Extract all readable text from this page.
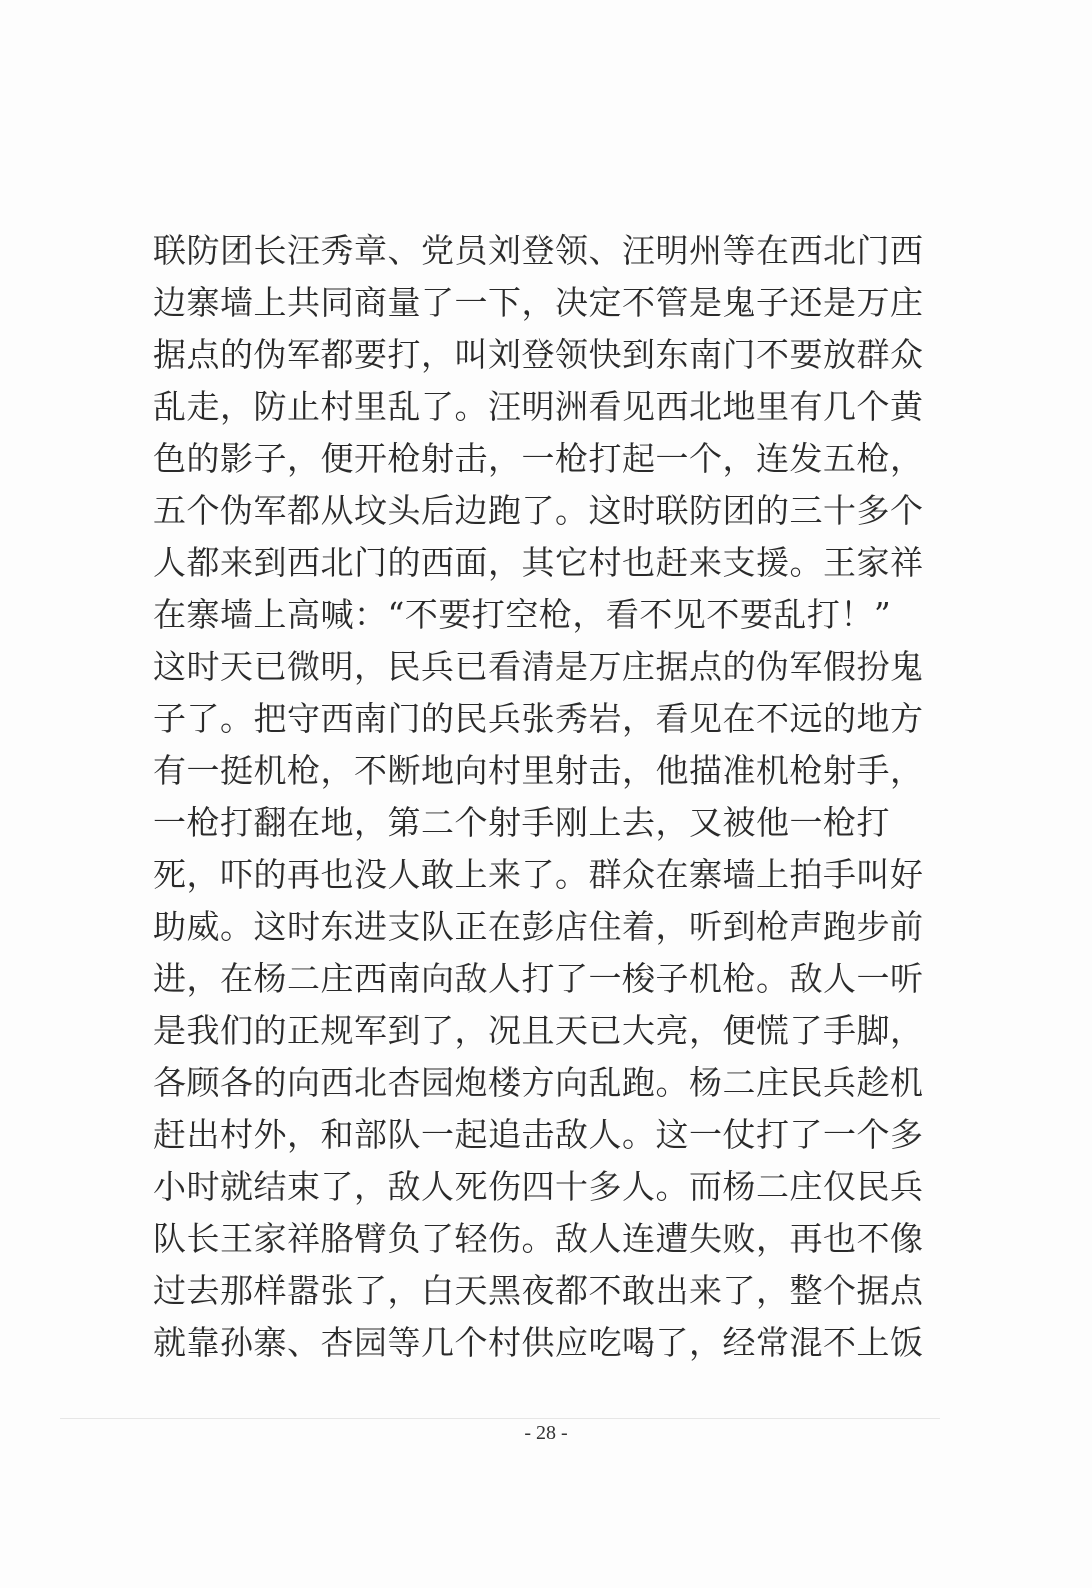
联防团长汪秀章、党员刘登领、汪明州等在西北门西
边寨墙上共同商量了一下，决定不管是鬼子还是万庄
据点的伪军都要打，叫刘登领快到东南门不要放群众
乱走，防止村里乱了。汪明洲看见西北地里有几个黄
色的影子，便开枪射击，一枪打起一个，连发五枪，
五个伪军都从坟头后边跑了。这时联防团的三十多个
人都来到西北门的西面，其它村也赶来支援。王家祥
在寨墙上高喊：“不要打空枪，看不见不要乱打！”
这时天已微明，民兵已看清是万庄据点的伪军假扮鬼
子了。把守西南门的民兵张秀岩，看见在不远的地方
有一挺机枪，不断地向村里射击，他描准机枪射手，
一枪打翻在地，第二个射手刚上去，又被他一枪打
死，吓的再也没人敢上来了。群众在寨墙上拍手叫好
助威。这时东进支队正在彭店住着，听到枪声跑步前
进，在杨二庄西南向敌人打了一梭子机枪。敌人一听
是我们的正规军到了，况且天已大亮，便慌了手脚，
各顾各的向西北杏园炮楼方向乱跑。杨二庄民兵趁机
赶出村外，和部队一起追击敌人。这一仗打了一个多
小时就结束了，敌人死伤四十多人。而杨二庄仅民兵
队长王家祥胳臂负了轻伤。敌人连遭失败，再也不像
过去那样嚣张了，白天黑夜都不敢出来了，整个据点
就靠孙寨、杏园等几个村供应吃喝了，经常混不上饭
- 28 -
